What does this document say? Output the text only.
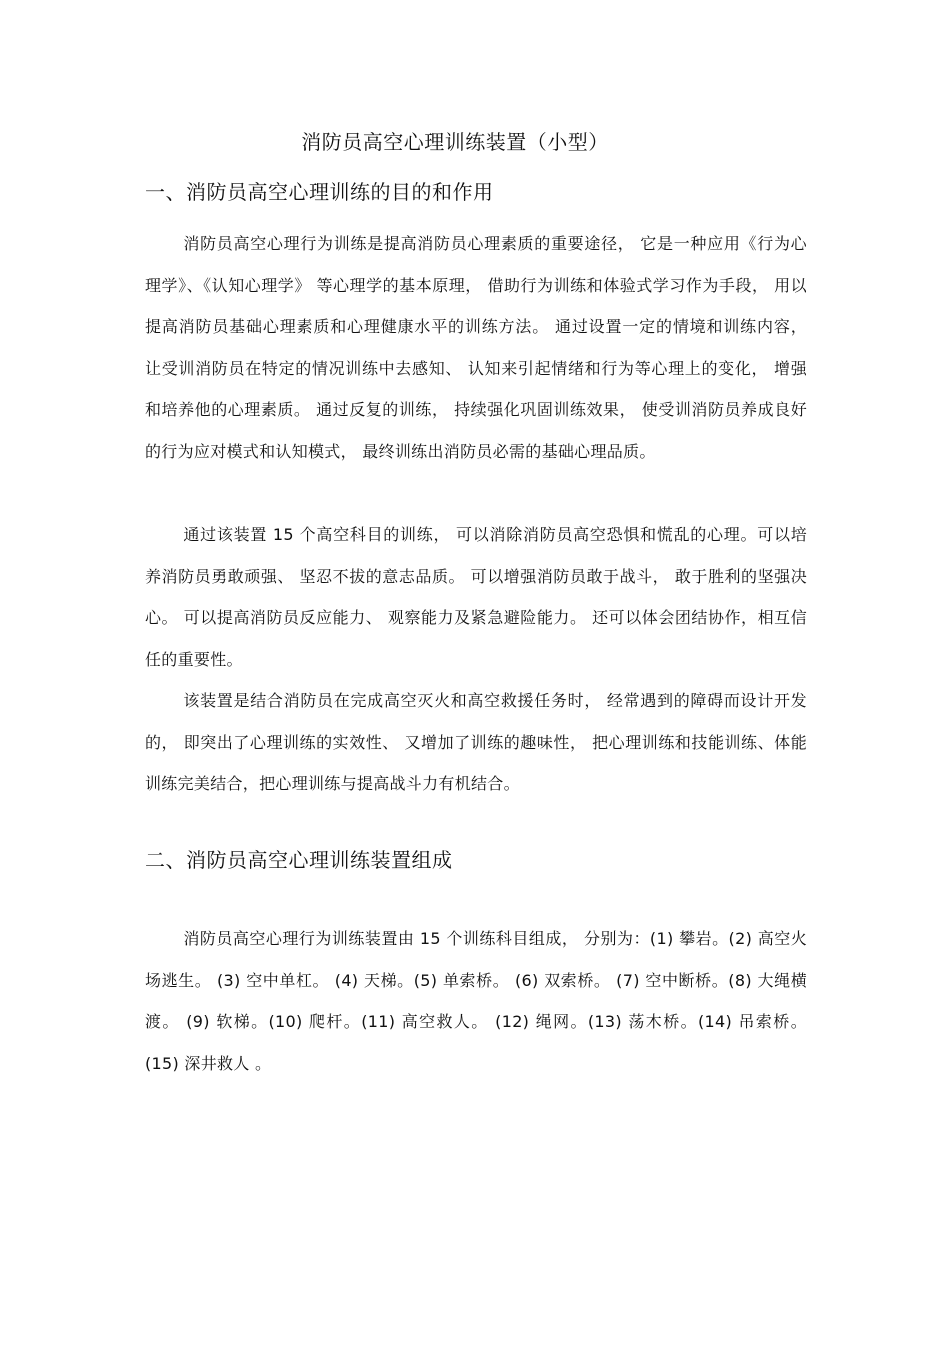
消防员高空心理训练装置（小型）
一、消防员高空心理训练的目的和作用

消防员高空心理行为训练是提高消防员心理素质的重要途径， 它是一种应用《行为心理学》、《认知心理学》 等心理学的基本原理， 借助行为训练和体验式学习作为手段， 用以提高消防员基础心理素质和心理健康水平的训练方法。 通过设置一定的情境和训练内容， 让受训消防员在特定的情况训练中去感知、 认知来引起情绪和行为等心理上的变化， 增强和培养他的心理素质。 通过反复的训练， 持续强化巩固训练效果， 使受训消防员养成良好的行为应对模式和认知模式， 最终训练出消防员必需的基础心理品质。

通过该装置 15 个高空科目的训练， 可以消除消防员高空恐惧和慌乱的心理。可以培养消防员勇敢顽强、 坚忍不拔的意志品质。 可以增强消防员敢于战斗， 敢于胜利的坚强决心。 可以提高消防员反应能力、 观察能力及紧急避险能力。 还可以体会团结协作，相互信任的重要性。

该装置是结合消防员在完成高空灭火和高空救援任务时， 经常遇到的障碍而设计开发的， 即突出了心理训练的实效性、 又增加了训练的趣味性， 把心理训练和技能训练、体能训练完美结合，把心理训练与提高战斗力有机结合。

二、消防员高空心理训练装置组成

消防员高空心理行为训练装置由 15 个训练科目组成， 分别为：(1) 攀岩。(2) 高空火场逃生。 (3) 空中单杠。 (4) 天梯。(5) 单索桥。 (6) 双索桥。 (7) 空中断桥。(8) 大绳横渡。 (9) 软梯。(10) 爬杆。(11) 高空救人。 (12) 绳网。(13) 荡木桥。(14) 吊索桥。 (15) 深井救人 。
